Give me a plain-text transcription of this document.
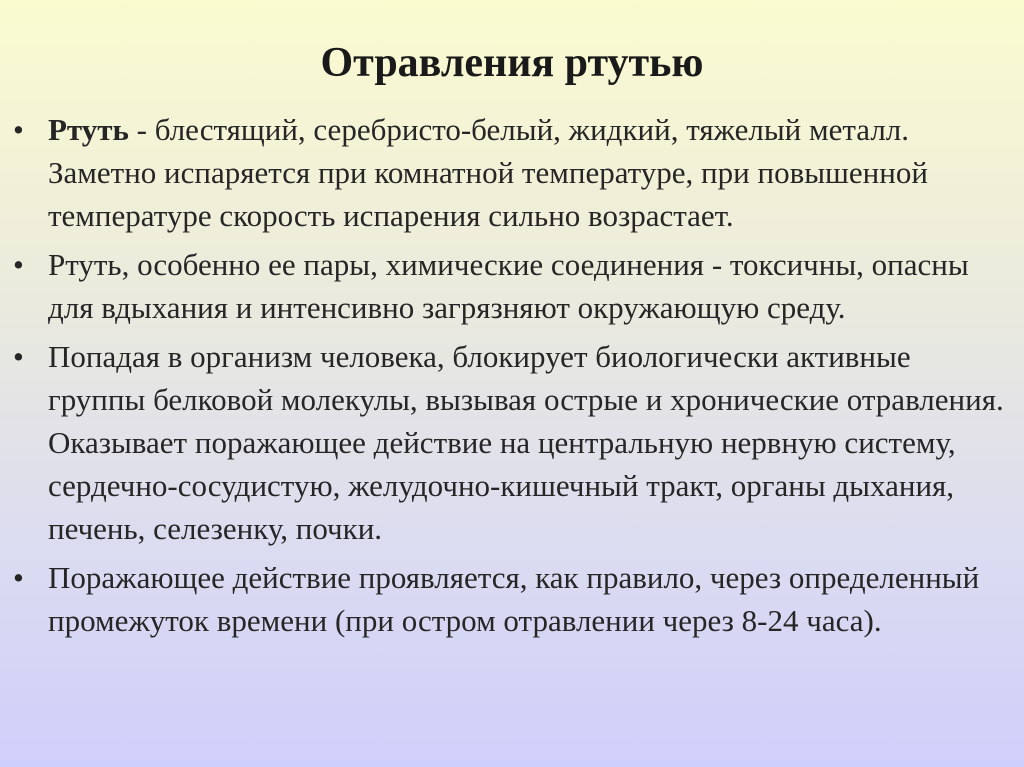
Отравления ртутью
• Ртуть - блестящий, серебристо-белый, жидкий, тяжелый металл. Заметно испаряется при комнатной температуре, при повышенной температуре скорость испарения сильно возрастает.
• Ртуть, особенно ее пары, химические соединения - токсичны, опасны для вдыхания и интенсивно загрязняют окружающую среду.
• Попадая в организм человека, блокирует биологически активные группы белковой молекулы, вызывая острые и хронические отравления. Оказывает поражающее действие на центральную нервную систему, сердечно-сосудистую, желудочно-кишечный тракт, органы дыхания, печень, селезенку, почки.
• Поражающее действие проявляется, как правило, через определенный промежуток времени (при остром отравлении через 8-24 часа).
